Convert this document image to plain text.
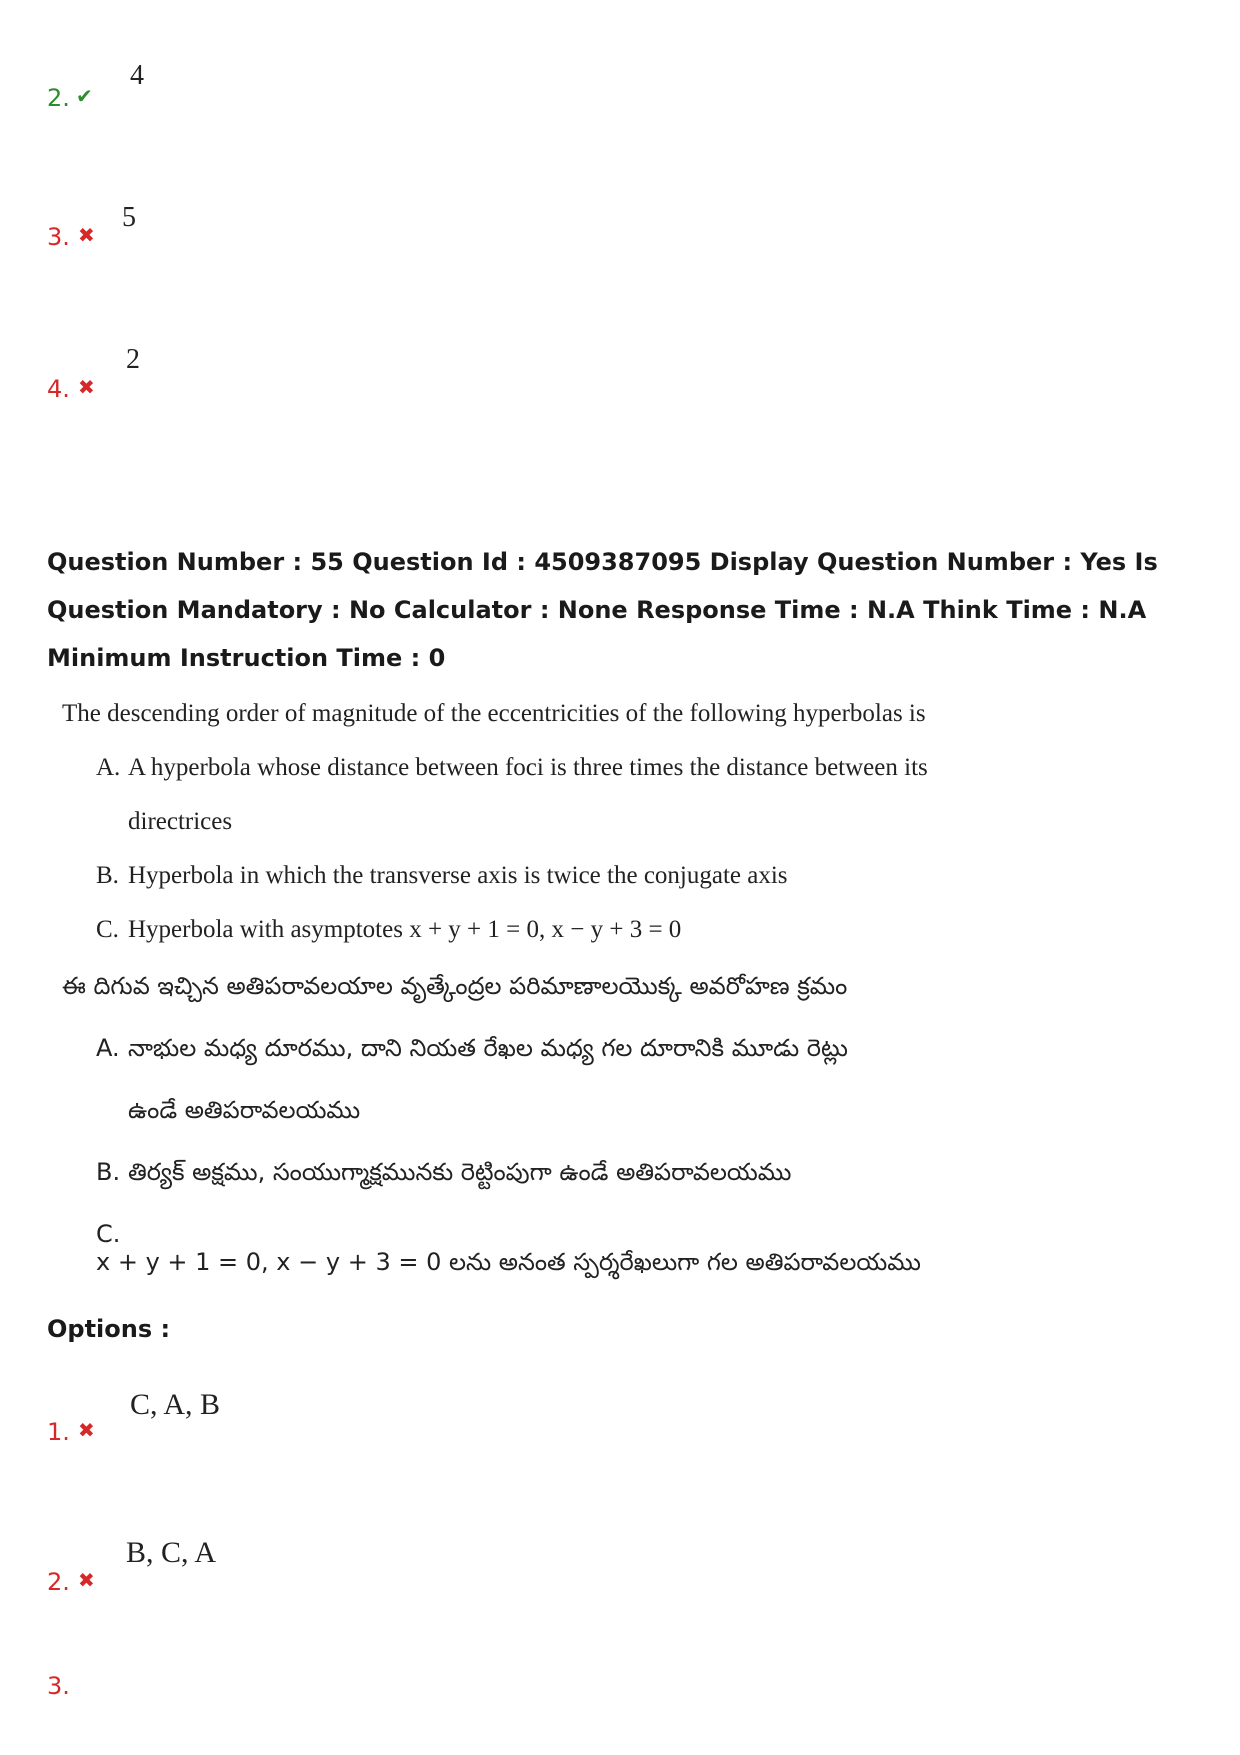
2. ✔
4
3. ✖
5
4. ✖
2
Question Number : 55 Question Id : 4509387095 Display Question Number : Yes Is Question Mandatory : No Calculator : None Response Time : N.A Think Time : N.A Minimum Instruction Time : 0
The descending order of magnitude of the eccentricities of the following hyperbolas is
A. A hyperbola whose distance between foci is three times the distance between its
directrices
B. Hyperbola in which the transverse axis is twice the conjugate axis
C. Hyperbola with asymptotes x + y + 1 = 0, x − y + 3 = 0
ఈ దిగువ ఇచ్చిన అతిపరావలయాల వృత్కేంద్రల పరిమాణాలయొక్క అవరోహణ క్రమం
A. నాభుల మధ్య దూరము, దాని నియత రేఖల మధ్య గల దూరానికి మూడు రెట్లు
ఉండే అతిపరావలయము
B. తిర్యక్ అక్షము, సంయుగ్మాక్షమునకు రెట్టింపుగా ఉండే అతిపరావలయము
C.x + y + 1 = 0, x − y + 3 = 0 లను అనంత స్పర్శరేఖలుగా గల అతిపరావలయము
Options :
1. ✖
C, A, B
2. ✖
B, C, A
3.
